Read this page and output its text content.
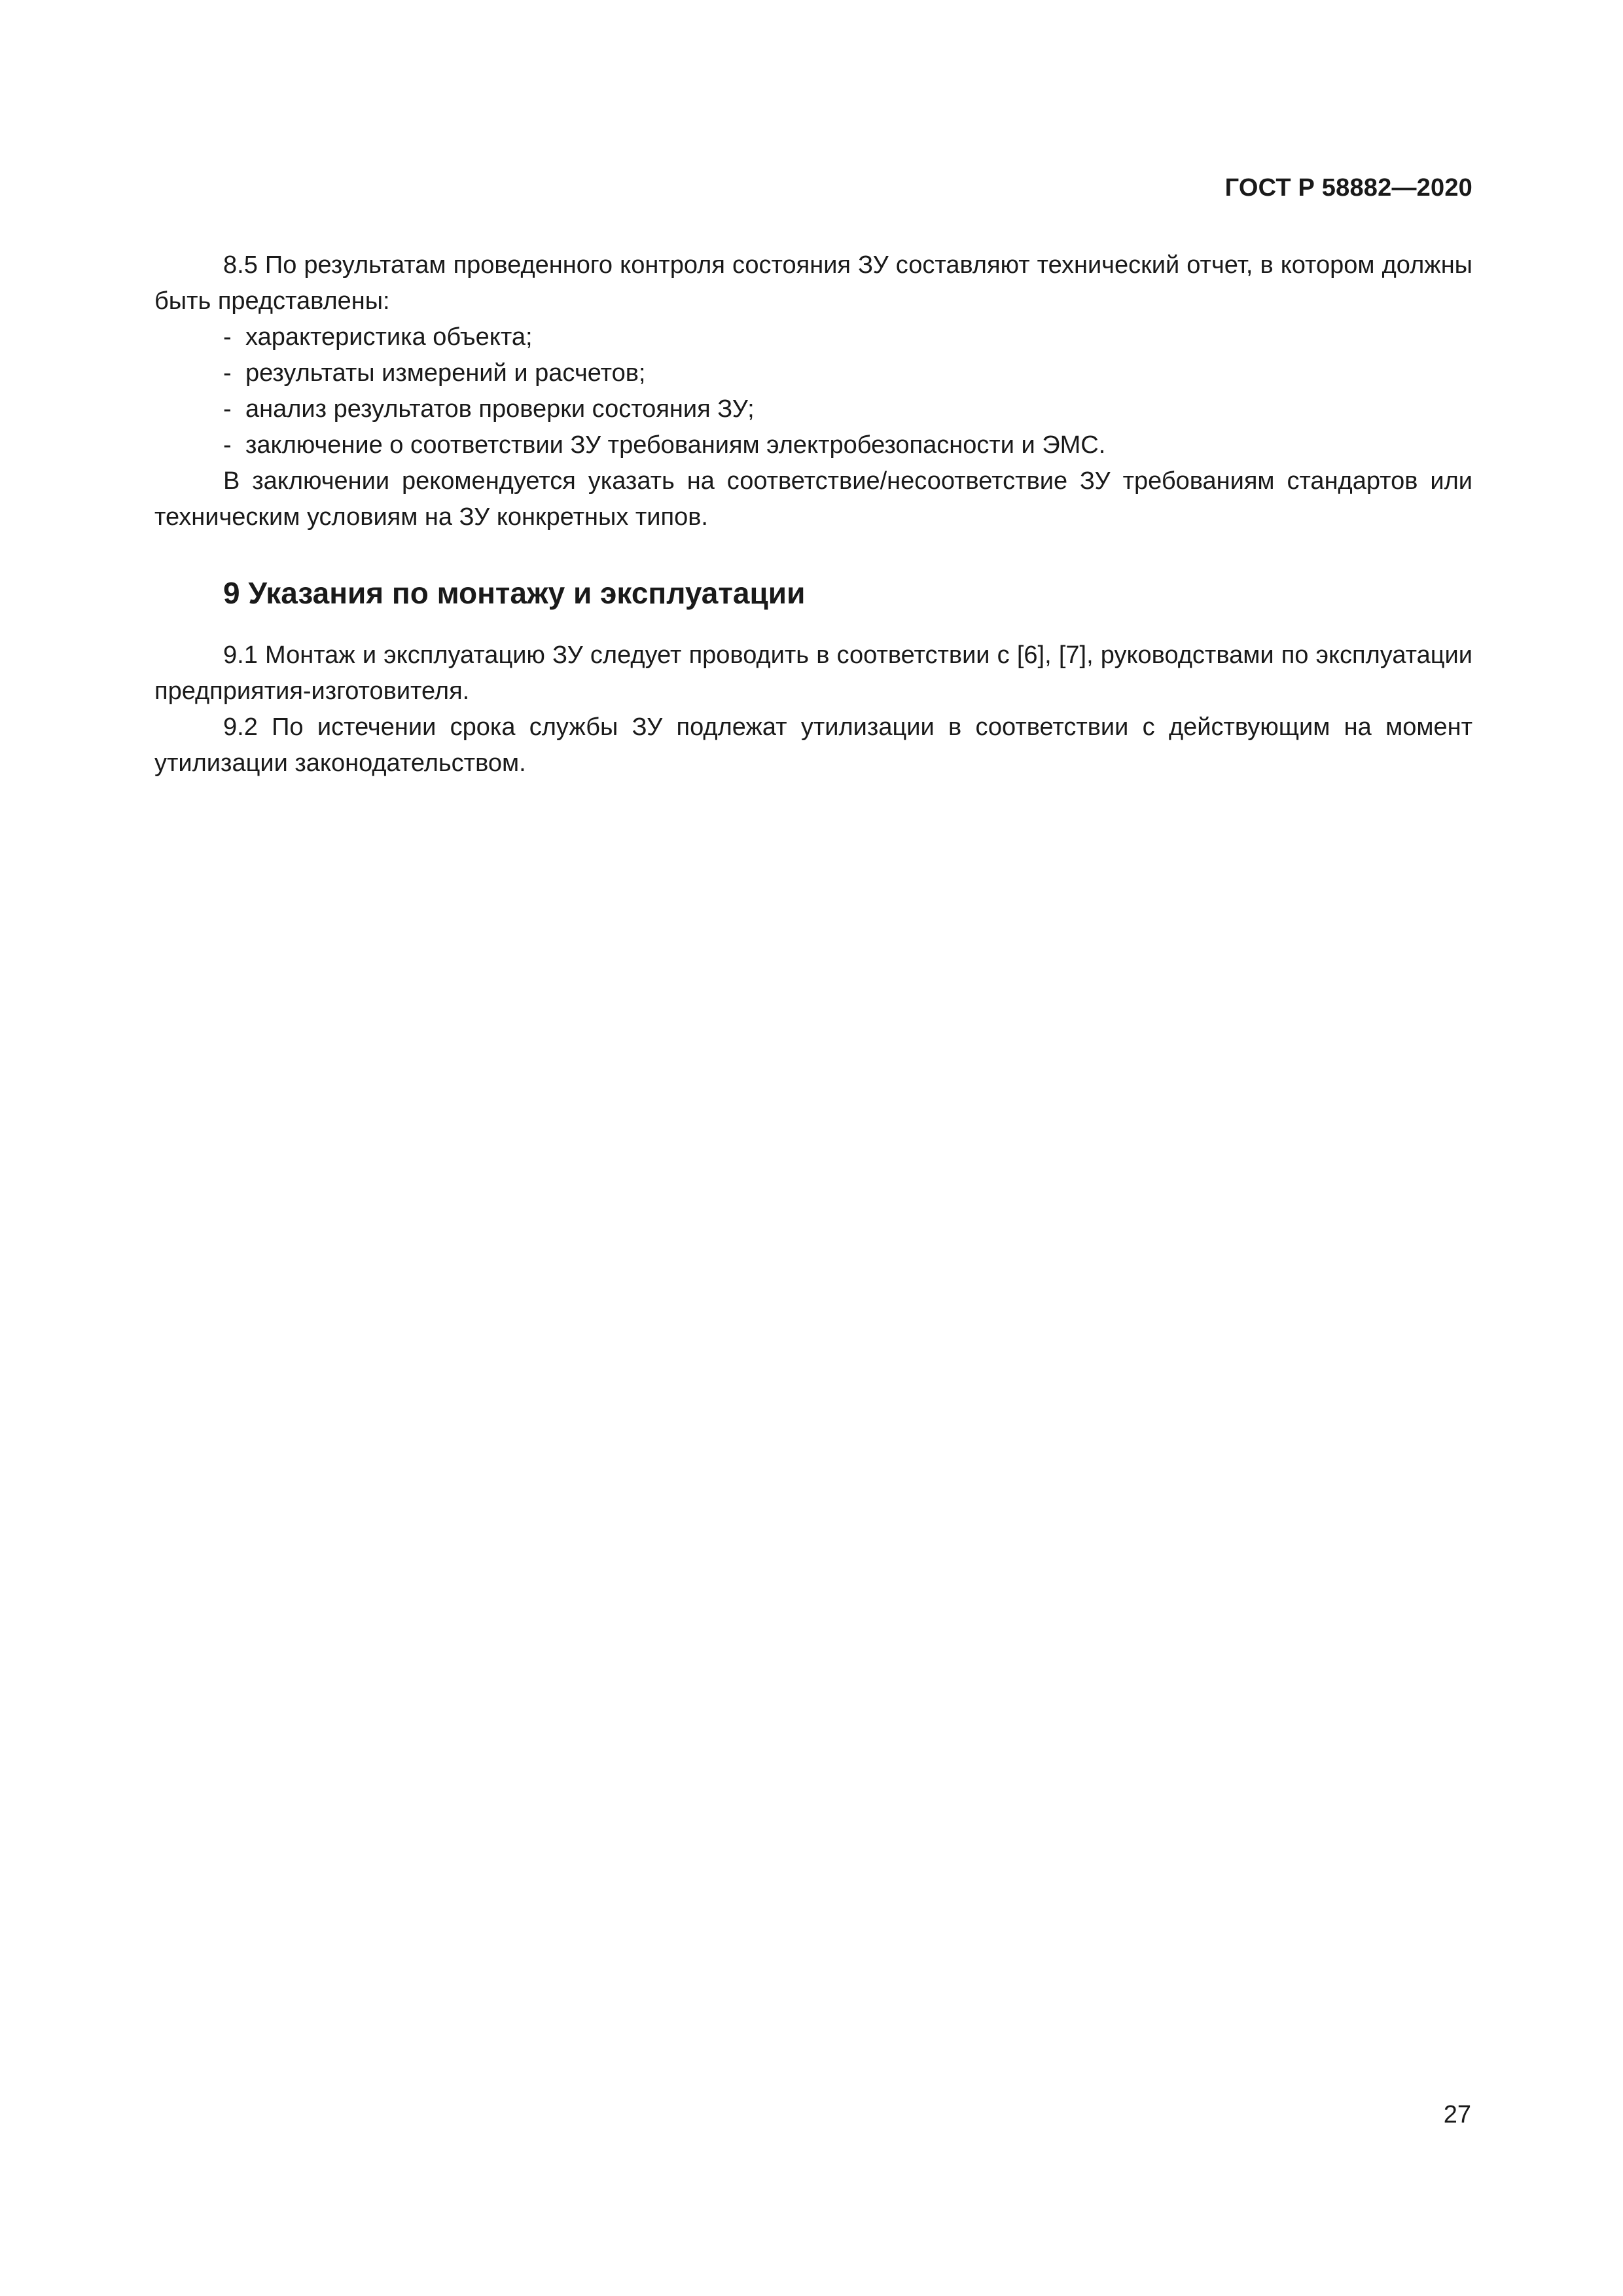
ГОСТ Р 58882—2020

8.5 По результатам проведенного контроля состояния ЗУ составляют технический отчет, в котором должны быть представлены:

- характеристика объекта;
- результаты измерений и расчетов;
- анализ результатов проверки состояния ЗУ;
- заключение о соответствии ЗУ требованиям электробезопасности и ЭМС.

В заключении рекомендуется указать на соответствие/несоответствие ЗУ требованиям стандартов или техническим условиям на ЗУ конкретных типов.

9 Указания по монтажу и эксплуатации

9.1 Монтаж и эксплуатацию ЗУ следует проводить в соответствии с [6], [7], руководствами по эксплуатации предприятия-изготовителя.

9.2 По истечении срока службы ЗУ подлежат утилизации в соответствии с действующим на момент утилизации законодательством.

27
